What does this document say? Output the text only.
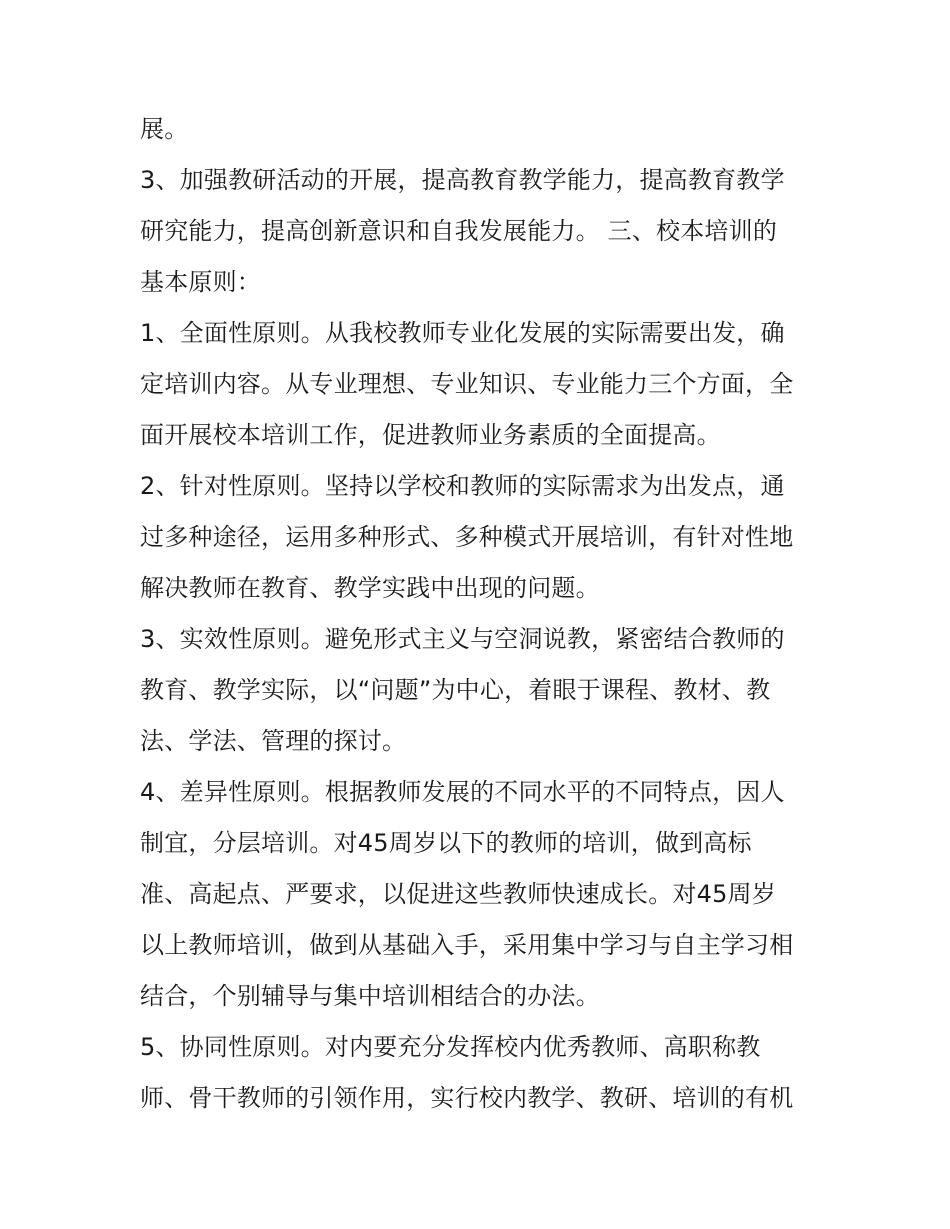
展。
3、加强教研活动的开展，提高教育教学能力，提高教育教学
研究能力，提高创新意识和自我发展能力。 三、校本培训的
基本原则：
1、全面性原则。从我校教师专业化发展的实际需要出发，确
定培训内容。从专业理想、专业知识、专业能力三个方面，全
面开展校本培训工作，促进教师业务素质的全面提高。
2、针对性原则。坚持以学校和教师的实际需求为出发点，通
过多种途径，运用多种形式、多种模式开展培训，有针对性地
解决教师在教育、教学实践中出现的问题。
3、实效性原则。避免形式主义与空洞说教，紧密结合教师的
教育、教学实际，以“问题”为中心，着眼于课程、教材、教
法、学法、管理的探讨。
4、差异性原则。根据教师发展的不同水平的不同特点，因人
制宜，分层培训。对45周岁以下的教师的培训，做到高标
准、高起点、严要求，以促进这些教师快速成长。对45周岁
以上教师培训，做到从基础入手，采用集中学习与自主学习相
结合，个别辅导与集中培训相结合的办法。
5、协同性原则。对内要充分发挥校内优秀教师、高职称教
师、骨干教师的引领作用，实行校内教学、教研、培训的有机
